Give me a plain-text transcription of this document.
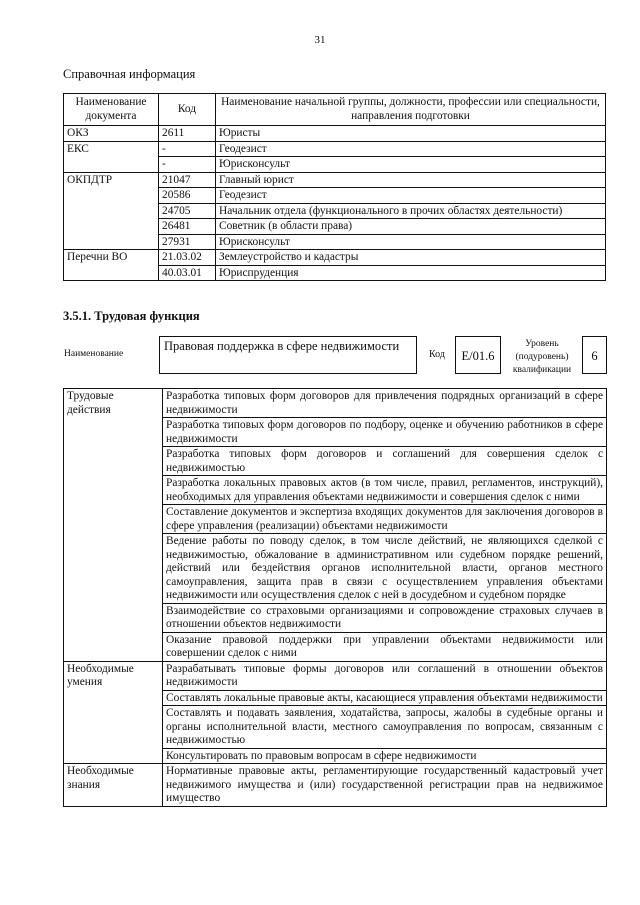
31
Справочная информация
Наименование документа	Код	Наименование начальной группы, должности, профессии или специальности, направления подготовки
ОКЗ	2611	Юристы
ЕКС	-	Геодезист
	-	Юрисконсульт
ОКПДТР	21047	Главный юрист
	20586	Геодезист
	24705	Начальник отдела (функционального в прочих областях деятельности)
	26481	Советник (в области права)
	27931	Юрисконсульт
Перечни ВО	21.03.02	Землеустройство и кадастры
	40.03.01	Юриспруденция
3.5.1. Трудовая функция
Наименование
Правовая поддержка в сфере недвижимости
Код	E/01.6
Уровень (подуровень) квалификации
6
Трудовые действия	Разработка типовых форм договоров для привлечения подрядных организаций в сфере недвижимости
	Разработка типовых форм договоров по подбору, оценке и обучению работников в сфере недвижимости
	Разработка типовых форм договоров и соглашений для совершения сделок с недвижимостью
	Разработка локальных правовых актов (в том числе, правил, регламентов, инструкций), необходимых для управления объектами недвижимости и совершения сделок с ними
	Составление документов и экспертиза входящих документов для заключения договоров в сфере управления (реализации) объектами недвижимости
	Ведение работы по поводу сделок, в том числе действий, не являющихся сделкой с недвижимостью, обжалование в административном или судебном порядке решений, действий или бездействия органов исполнительной власти, органов местного самоуправления, защита прав в связи с осуществлением управления объектами недвижимости или осуществления сделок с ней в досудебном и судебном порядке
	Взаимодействие со страховыми организациями и сопровождение страховых случаев в отношении объектов недвижимости
	Оказание правовой поддержки при управлении объектами недвижимости или совершении сделок с ними
Необходимые умения	Разрабатывать типовые формы договоров или соглашений в отношении объектов недвижимости
	Составлять локальные правовые акты, касающиеся управления объектами недвижимости
	Составлять и подавать заявления, ходатайства, запросы, жалобы в судебные органы и органы исполнительной власти, местного самоуправления по вопросам, связанным с недвижимостью
	Консультировать по правовым вопросам в сфере недвижимости
Необходимые знания	Нормативные правовые акты, регламентирующие государственный кадастровый учет недвижимого имущества и (или) государственной регистрации прав на недвижимое имущество
